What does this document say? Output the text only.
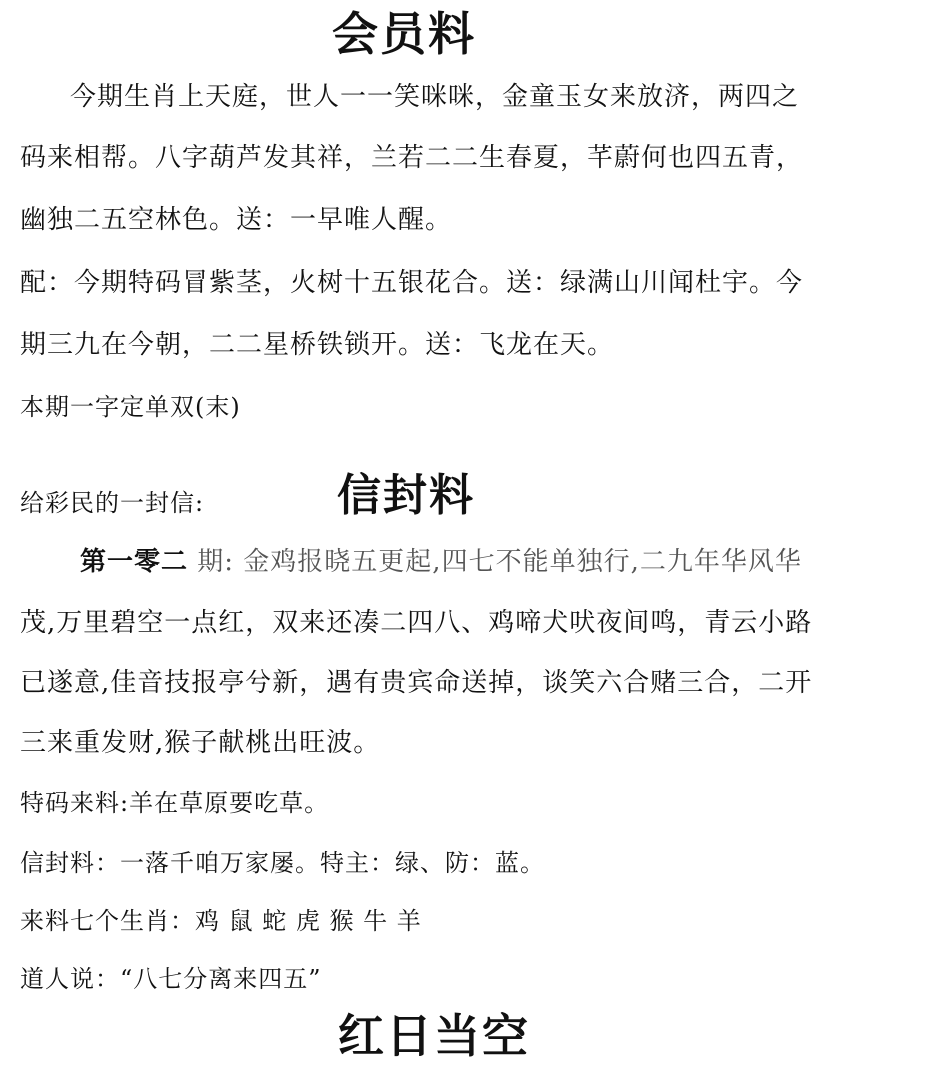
会员料
今期生肖上天庭，世人一一笑咪咪，金童玉女来放济，两四之
码来相帮。八字葫芦发其祥，兰若二二生春夏，芊蔚何也四五青，
幽独二五空林色。送：一早唯人醒。
配：今期特码冒紫茎，火树十五银花合。送：绿满山川闻杜宇。今
期三九在今朝，二二星桥铁锁开。送：飞龙在天。
本期一字定单双(末)
给彩民的一封信:	信封料
第一零二 期: 金鸡报晓五更起,四七不能单独行,二九年华风华
茂,万里碧空一点红，双来还凑二四八、鸡啼犬吠夜间鸣，青云小路
已遂意,佳音技报亭兮新，遇有贵宾命送掉，谈笑六合赌三合，二开
三来重发财,猴子献桃出旺波。
特码来料:羊在草原要吃草。
信封料：一落千咱万家屡。特主：绿、防：蓝。
来料七个生肖：鸡 鼠 蛇 虎 猴 牛 羊
道人说：“八七分离来四五”
红日当空
